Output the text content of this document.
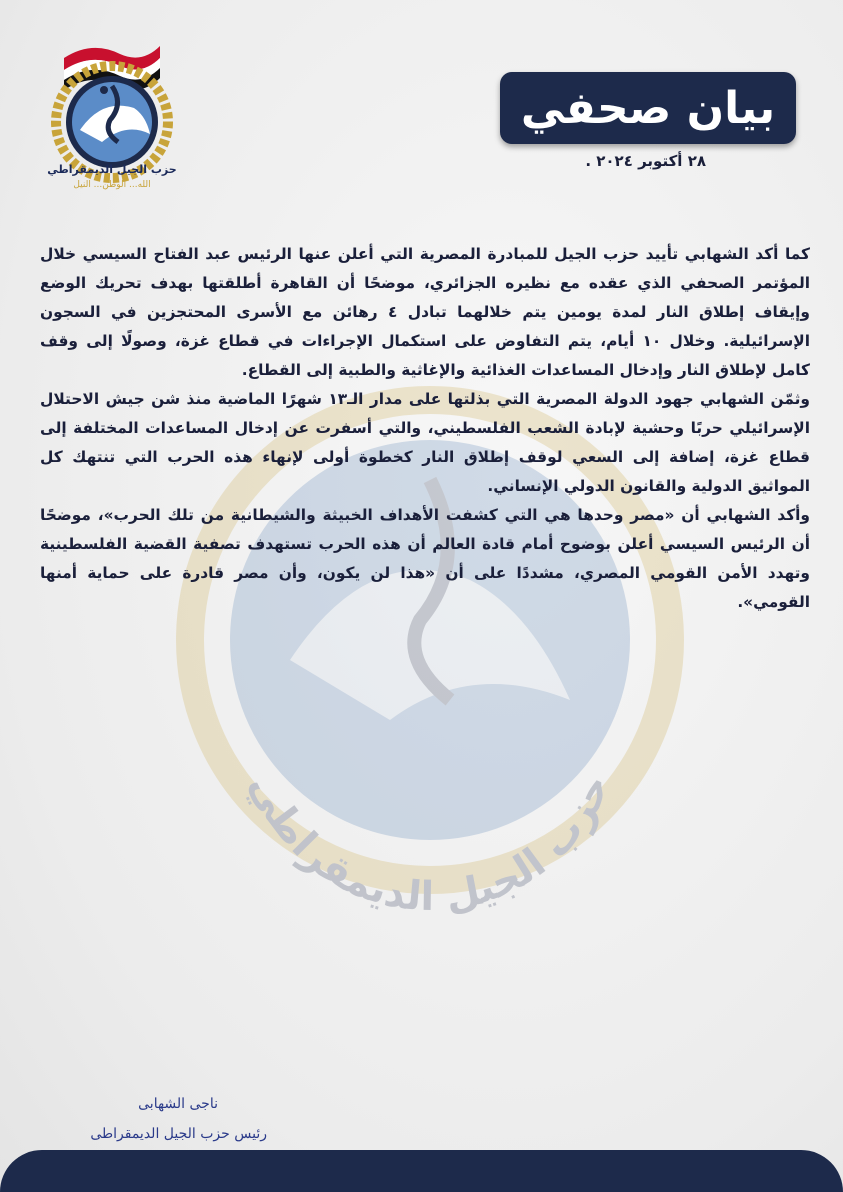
حزب الجيل الديمقراطي
حزب الجيل الديمقراطي
الله... الوطن... النيل
بيان صحفي
٢٨ أكتوبر ٢٠٢٤ .

كما أكد الشهابي تأييد حزب الجيل للمبادرة المصرية التي أعلن عنها الرئيس عبد الفتاح السيسي خلال المؤتمر الصحفي الذي عقده مع نظيره الجزائري، موضحًا أن القاهرة أطلقتها بهدف تحريك الوضع وإيقاف إطلاق النار لمدة يومين يتم خلالهما تبادل ٤ رهائن مع الأسرى المحتجزين في السجون الإسرائيلية. وخلال ١٠ أيام، يتم التفاوض على استكمال الإجراءات في قطاع غزة، وصولًا إلى وقف كامل لإطلاق النار وإدخال المساعدات الغذائية والإغاثية والطبية إلى القطاع.

وثمّن الشهابي جهود الدولة المصرية التي بذلتها على مدار الـ١٣ شهرًا الماضية منذ شن جيش الاحتلال الإسرائيلي حربًا وحشية لإبادة الشعب الفلسطيني، والتي أسفرت عن إدخال المساعدات المختلفة إلى قطاع غزة، إضافة إلى السعي لوقف إطلاق النار كخطوة أولى لإنهاء هذه الحرب التي تنتهك كل المواثيق الدولية والقانون الدولي الإنساني.

وأكد الشهابي أن «مصر وحدها هي التي كشفت الأهداف الخبيثة والشيطانية من تلك الحرب»، موضحًا أن الرئيس السيسي أعلن بوضوح أمام قادة العالم أن هذه الحرب تستهدف تصفية القضية الفلسطينية وتهدد الأمن القومي المصري، مشددًا على أن «هذا لن يكون، وأن مصر قادرة على حماية أمنها القومي».

ناجى الشهابى
رئيس حزب الجيل الديمقراطى
